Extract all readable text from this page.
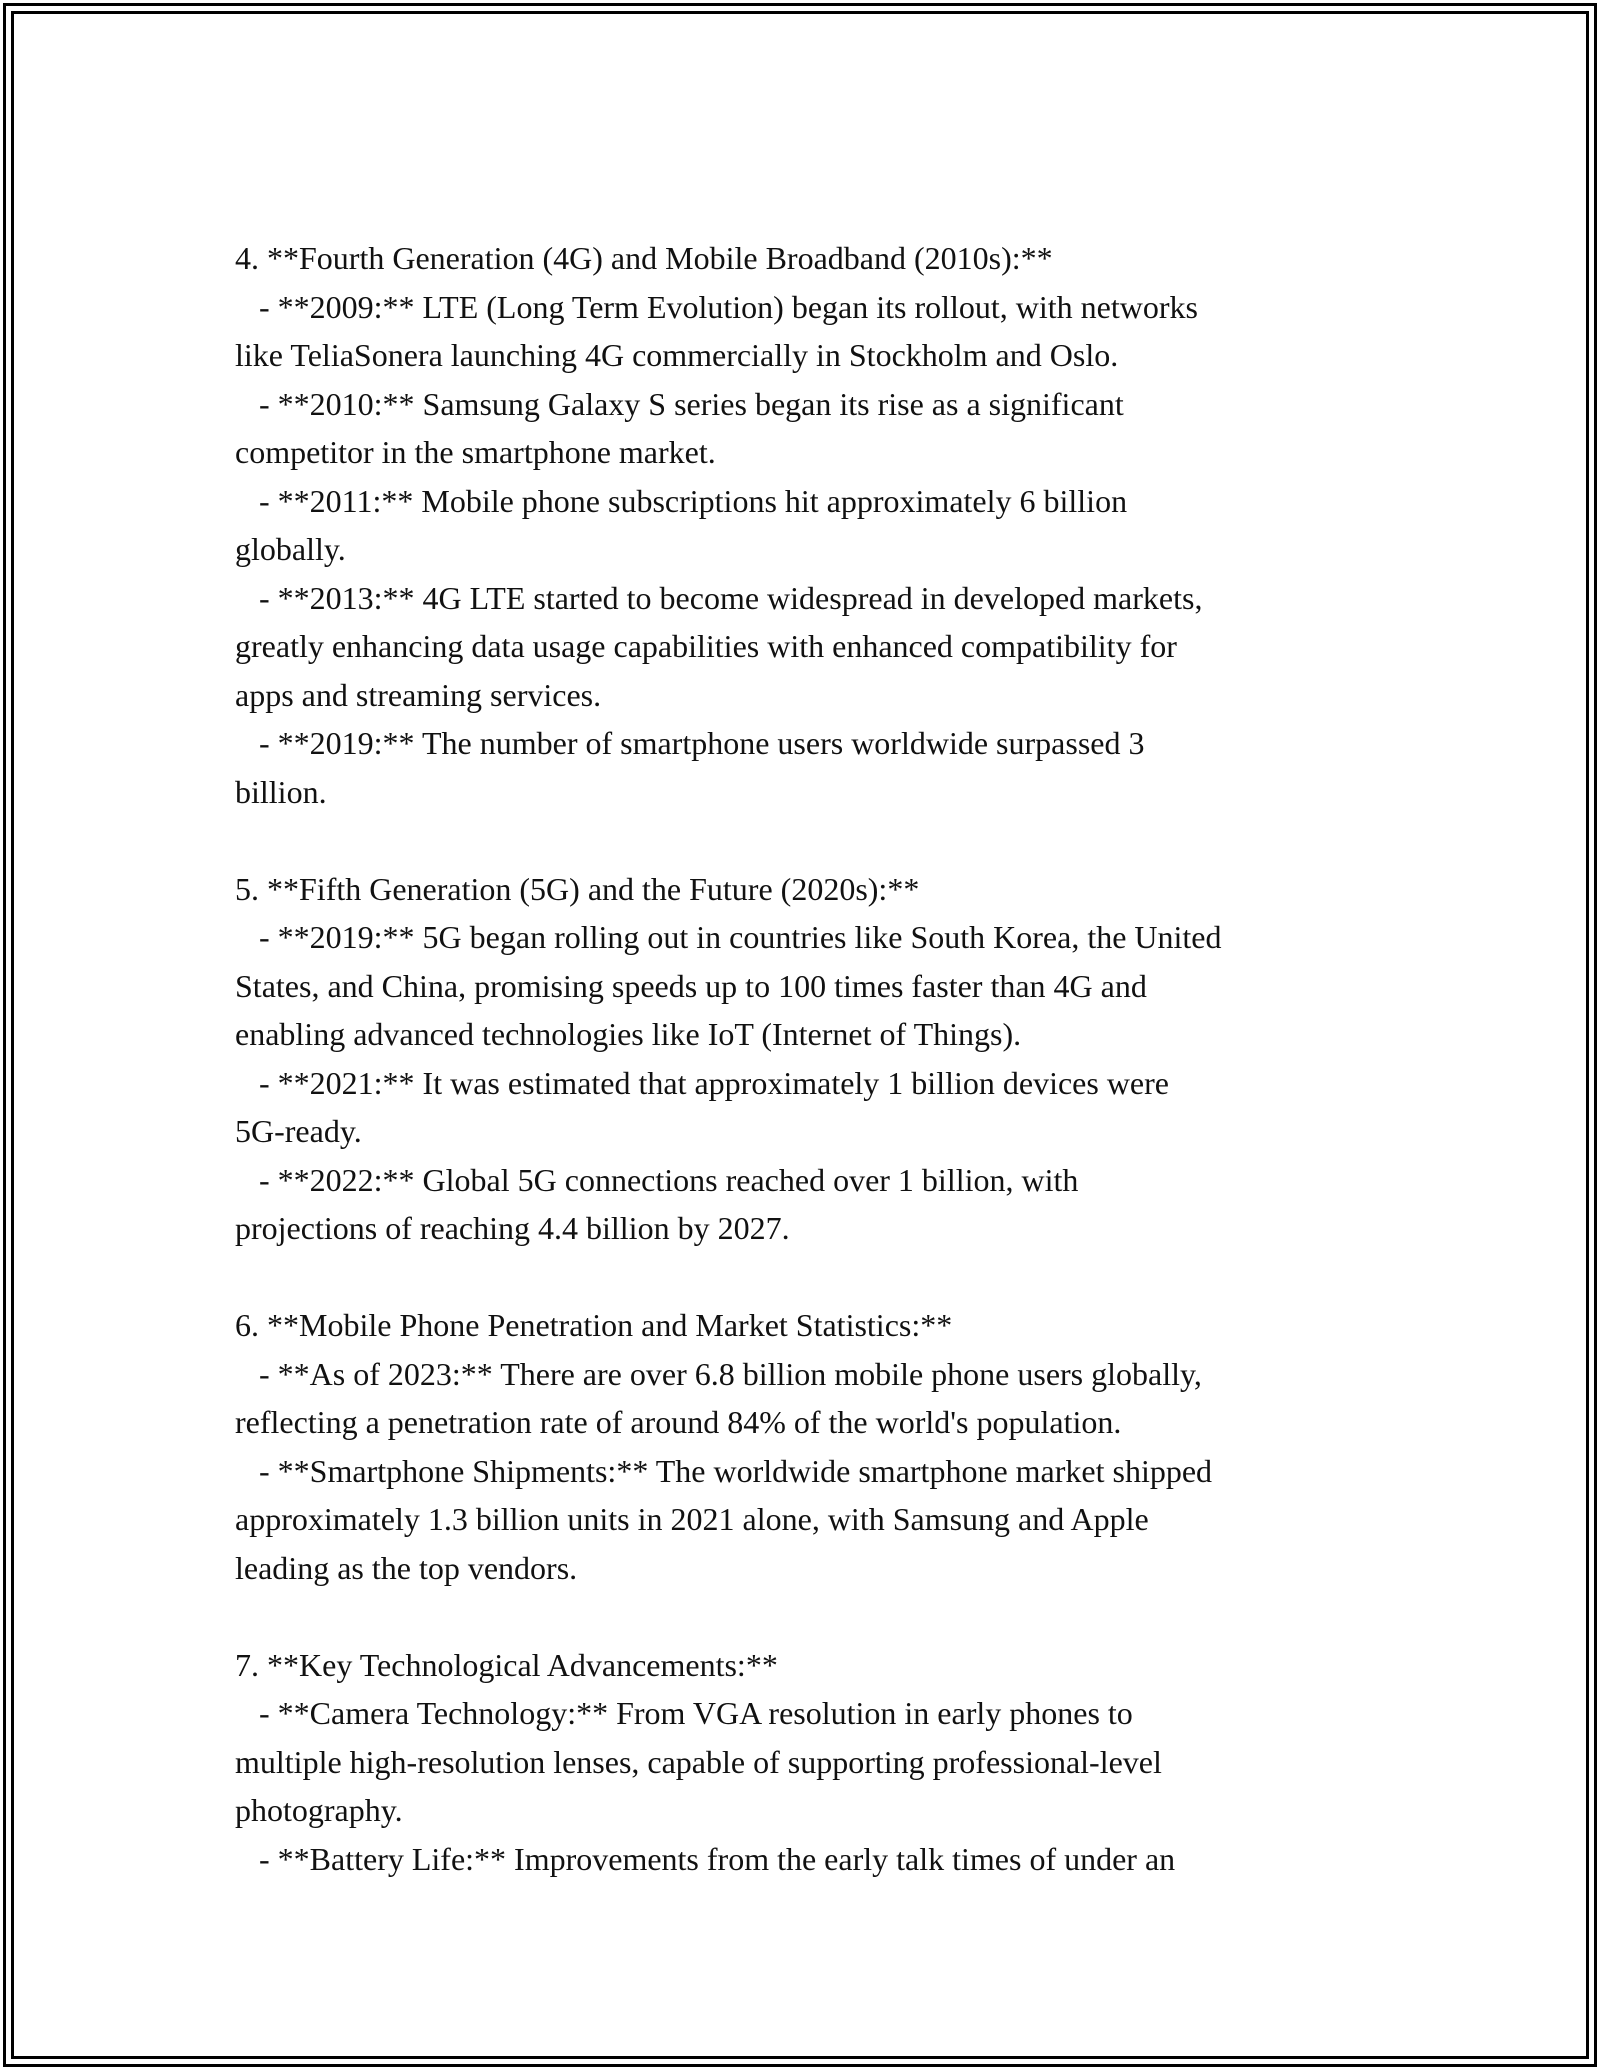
4. **Fourth Generation (4G) and Mobile Broadband (2010s):**
- **2009:** LTE (Long Term Evolution) began its rollout, with networks
like TeliaSonera launching 4G commercially in Stockholm and Oslo.
- **2010:** Samsung Galaxy S series began its rise as a significant
competitor in the smartphone market.
- **2011:** Mobile phone subscriptions hit approximately 6 billion
globally.
- **2013:** 4G LTE started to become widespread in developed markets,
greatly enhancing data usage capabilities with enhanced compatibility for
apps and streaming services.
- **2019:** The number of smartphone users worldwide surpassed 3
billion.
5. **Fifth Generation (5G) and the Future (2020s):**
- **2019:** 5G began rolling out in countries like South Korea, the United
States, and China, promising speeds up to 100 times faster than 4G and
enabling advanced technologies like IoT (Internet of Things).
- **2021:** It was estimated that approximately 1 billion devices were
5G-ready.
- **2022:** Global 5G connections reached over 1 billion, with
projections of reaching 4.4 billion by 2027.
6. **Mobile Phone Penetration and Market Statistics:**
- **As of 2023:** There are over 6.8 billion mobile phone users globally,
reflecting a penetration rate of around 84% of the world's population.
- **Smartphone Shipments:** The worldwide smartphone market shipped
approximately 1.3 billion units in 2021 alone, with Samsung and Apple
leading as the top vendors.
7. **Key Technological Advancements:**
- **Camera Technology:** From VGA resolution in early phones to
multiple high-resolution lenses, capable of supporting professional-level
photography.
- **Battery Life:** Improvements from the early talk times of under an
